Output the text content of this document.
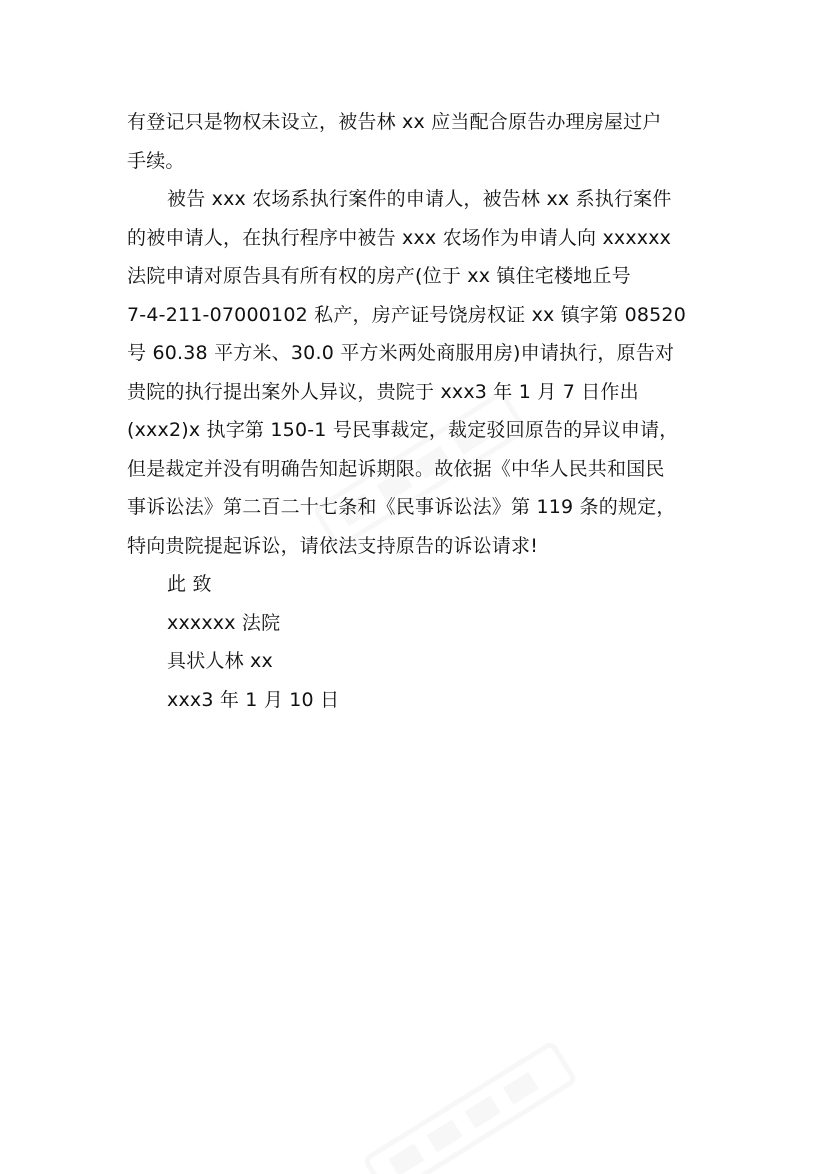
有登记只是物权未设立，被告林 xx 应当配合原告办理房屋过户
手续。
被告 xxx 农场系执行案件的申请人，被告林 xx 系执行案件
的被申请人，在执行程序中被告 xxx 农场作为申请人向 xxxxxx
法院申请对原告具有所有权的房产(位于 xx 镇住宅楼地丘号
7-4-211-07000102 私产，房产证号饶房权证 xx 镇字第 08520
号 60.38 平方米、30.0 平方米两处商服用房)申请执行，原告对
贵院的执行提出案外人异议，贵院于 xxx3 年 1 月 7 日作出
(xxx2)x 执字第 150-1 号民事裁定，裁定驳回原告的异议申请，
但是裁定并没有明确告知起诉期限。故依据《中华人民共和国民
事诉讼法》第二百二十七条和《民事诉讼法》第 119 条的规定，
特向贵院提起诉讼，请依法支持原告的诉讼请求!
此 致
xxxxxx 法院
具状人林 xx
xxx3 年 1 月 10 日
